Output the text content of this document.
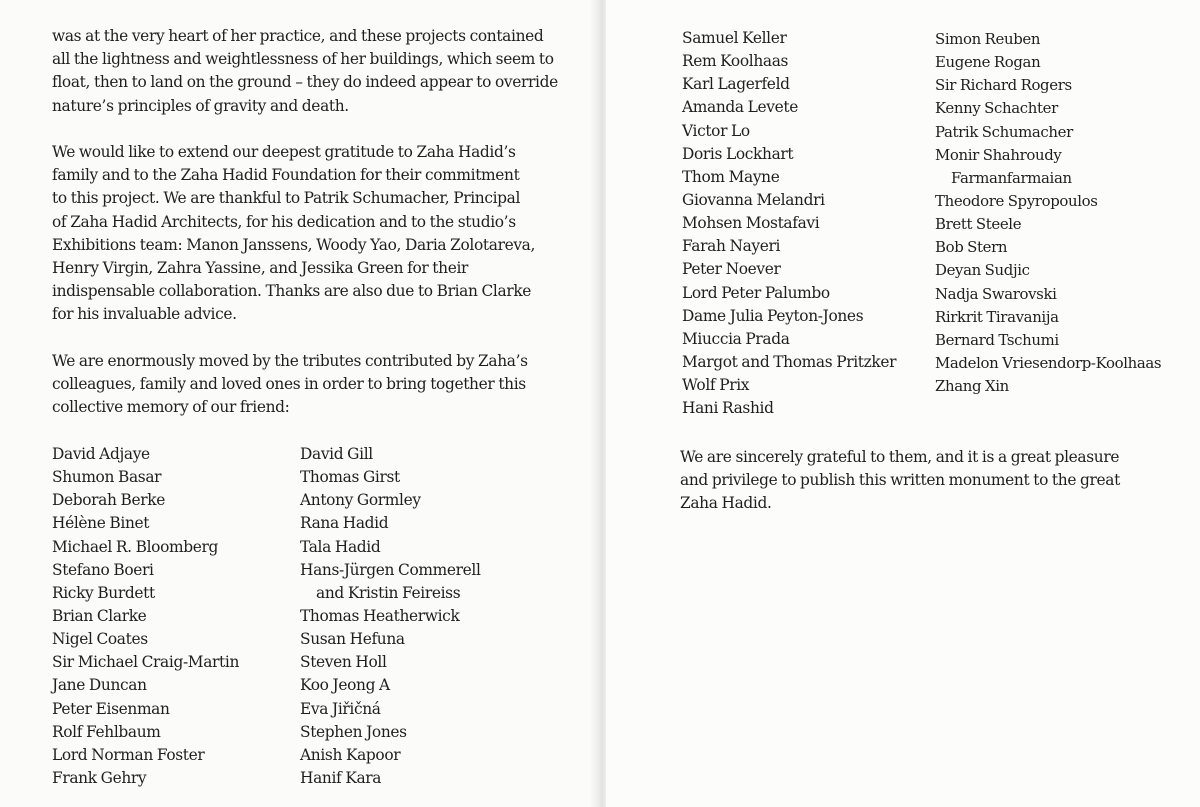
was at the very heart of her practice, and these projects contained
all the lightness and weightlessness of her buildings, which seem to
float, then to land on the ground – they do indeed appear to override
nature’s principles of gravity and death.
We would like to extend our deepest gratitude to Zaha Hadid’s
family and to the Zaha Hadid Foundation for their commitment
to this project. We are thankful to Patrik Schumacher, Principal
of Zaha Hadid Architects, for his dedication and to the studio’s
Exhibitions team: Manon Janssens, Woody Yao, Daria Zolotareva,
Henry Virgin, Zahra Yassine, and Jessika Green for their
indispensable collaboration. Thanks are also due to Brian Clarke
for his invaluable advice.
We are enormously moved by the tributes contributed by Zaha’s
colleagues, family and loved ones in order to bring together this
collective memory of our friend:
David Adjaye
Shumon Basar
Deborah Berke
Hélène Binet
Michael R. Bloomberg
Stefano Boeri
Ricky Burdett
Brian Clarke
Nigel Coates
Sir Michael Craig-Martin
Jane Duncan
Peter Eisenman
Rolf Fehlbaum
Lord Norman Foster
Frank Gehry
David Gill
Thomas Girst
Antony Gormley
Rana Hadid
Tala Hadid
Hans-Jürgen Commerell
and Kristin Feireiss
Thomas Heatherwick
Susan Hefuna
Steven Holl
Koo Jeong A
Eva Jiřičná
Stephen Jones
Anish Kapoor
Hanif Kara
Samuel Keller
Rem Koolhaas
Karl Lagerfeld
Amanda Levete
Victor Lo
Doris Lockhart
Thom Mayne
Giovanna Melandri
Mohsen Mostafavi
Farah Nayeri
Peter Noever
Lord Peter Palumbo
Dame Julia Peyton-Jones
Miuccia Prada
Margot and Thomas Pritzker
Wolf Prix
Hani Rashid
Simon Reuben
Eugene Rogan
Sir Richard Rogers
Kenny Schachter
Patrik Schumacher
Monir Shahroudy
Farmanfarmaian
Theodore Spyropoulos
Brett Steele
Bob Stern
Deyan Sudjic
Nadja Swarovski
Rirkrit Tiravanija
Bernard Tschumi
Madelon Vriesendorp-Koolhaas
Zhang Xin
We are sincerely grateful to them, and it is a great pleasure
and privilege to publish this written monument to the great
Zaha Hadid.
